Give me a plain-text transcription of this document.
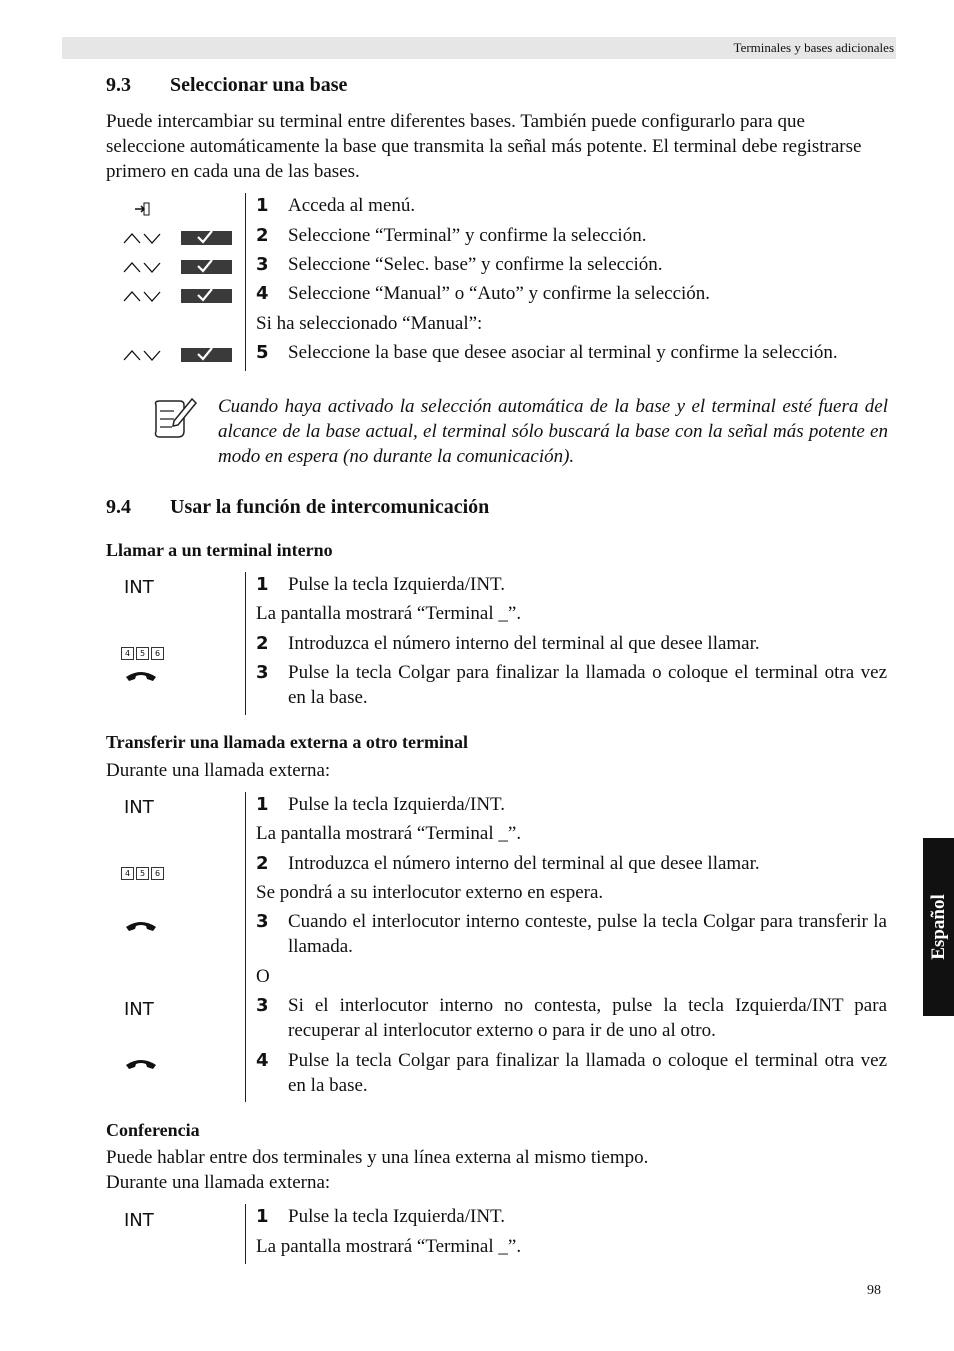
Terminales y bases adicionales
9.3 Seleccionar una base

Puede intercambiar su terminal entre diferentes bases. También puede configurarlo para que seleccione automáticamente la base que transmita la señal más potente. El terminal debe registrarse primero en cada una de las bases.

1 Acceda al menú.
2 Seleccione “Terminal” y confirme la selección.
3 Seleccione “Selec. base” y confirme la selección.
4 Seleccione “Manual” o “Auto” y confirme la selección.
Si ha seleccionado “Manual”:
5 Seleccione la base que desee asociar al terminal y confirme la selección.
Cuando haya activado la selección automática de la base y el terminal esté fuera del alcance de la base actual, el terminal sólo buscará la base con la señal más potente en modo en espera (no durante la comunicación).
9.4 Usar la función de intercomunicación
Llamar a un terminal interno
INT
4 5 6
1 Pulse la tecla Izquierda/INT.
La pantalla mostrará “Terminal _”.
2 Introduzca el número interno del terminal al que desee llamar.
3 Pulse la tecla Colgar para finalizar la llamada o coloque el terminal otra vez en la base.
Transferir una llamada externa a otro terminal

Durante una llamada externa:

INT
4 5 6
INT
1 Pulse la tecla Izquierda/INT.
La pantalla mostrará “Terminal _”.
2 Introduzca el número interno del terminal al que desee llamar.
Se pondrá a su interlocutor externo en espera.
3 Cuando el interlocutor interno conteste, pulse la tecla Colgar para transferir la llamada.
O
3 Si el interlocutor interno no contesta, pulse la tecla Izquierda/INT para recuperar al interlocutor externo o para ir de uno al otro.
4 Pulse la tecla Colgar para finalizar la llamada o coloque el terminal otra vez en la base.
Conferencia

Puede hablar entre dos terminales y una línea externa al mismo tiempo.

Durante una llamada externa:

INT	1 Pulse la tecla Izquierda/INT.
La pantalla mostrará “Terminal _”.
Español
98
